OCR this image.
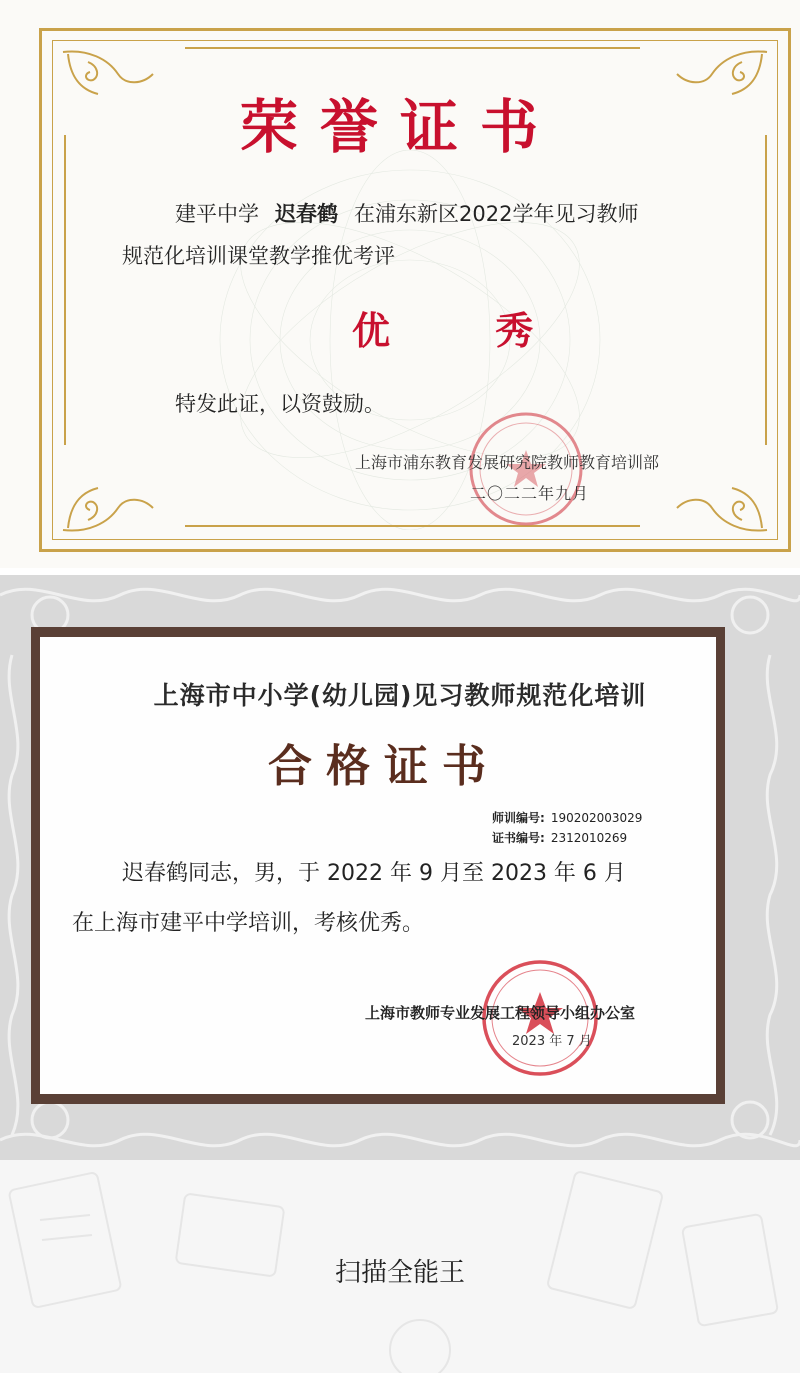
荣誉证书
建平中学 迟春鹤 在浦东新区2022学年见习教师
规范化培训课堂教学推优考评
优 秀
特发此证，以资鼓励。
上海市浦东教育发展研究院教师教育培训部
二〇二二年九月
上海市中小学(幼儿园)见习教师规范化培训
合格证书
师训编号: 190202003029
证书编号: 2312010269
迟春鹤同志，男，于 2022 年 9 月至 2023 年 6 月
在上海市建平中学培训，考核优秀。
上海市教师专业发展工程领导小组办公室
2023 年 7 月
扫描全能王
